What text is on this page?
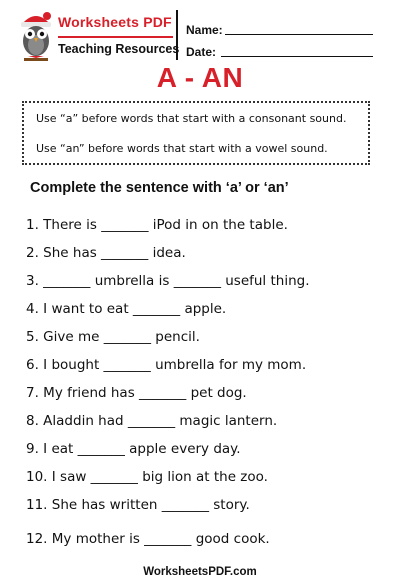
Worksheets PDF
Teaching Resources
Name:
Date:
A - AN
Use “a” before words that start with a consonant sound.
Use “an” before words that start with a vowel sound.
Complete the sentence with ‘a’ or ‘an’
1. There is _______ iPod in on the table.
2. She has _______ idea.
3. _______ umbrella is _______ useful thing.
4. I want to eat _______ apple.
5. Give me _______ pencil.
6. I bought _______ umbrella for my mom.
7. My friend has _______ pet dog.
8. Aladdin had _______ magic lantern.
9. I eat _______ apple every day.
10. I saw _______ big lion at the zoo.
11. She has written _______ story.
12. My mother is _______ good cook.
WorksheetsPDF.com
